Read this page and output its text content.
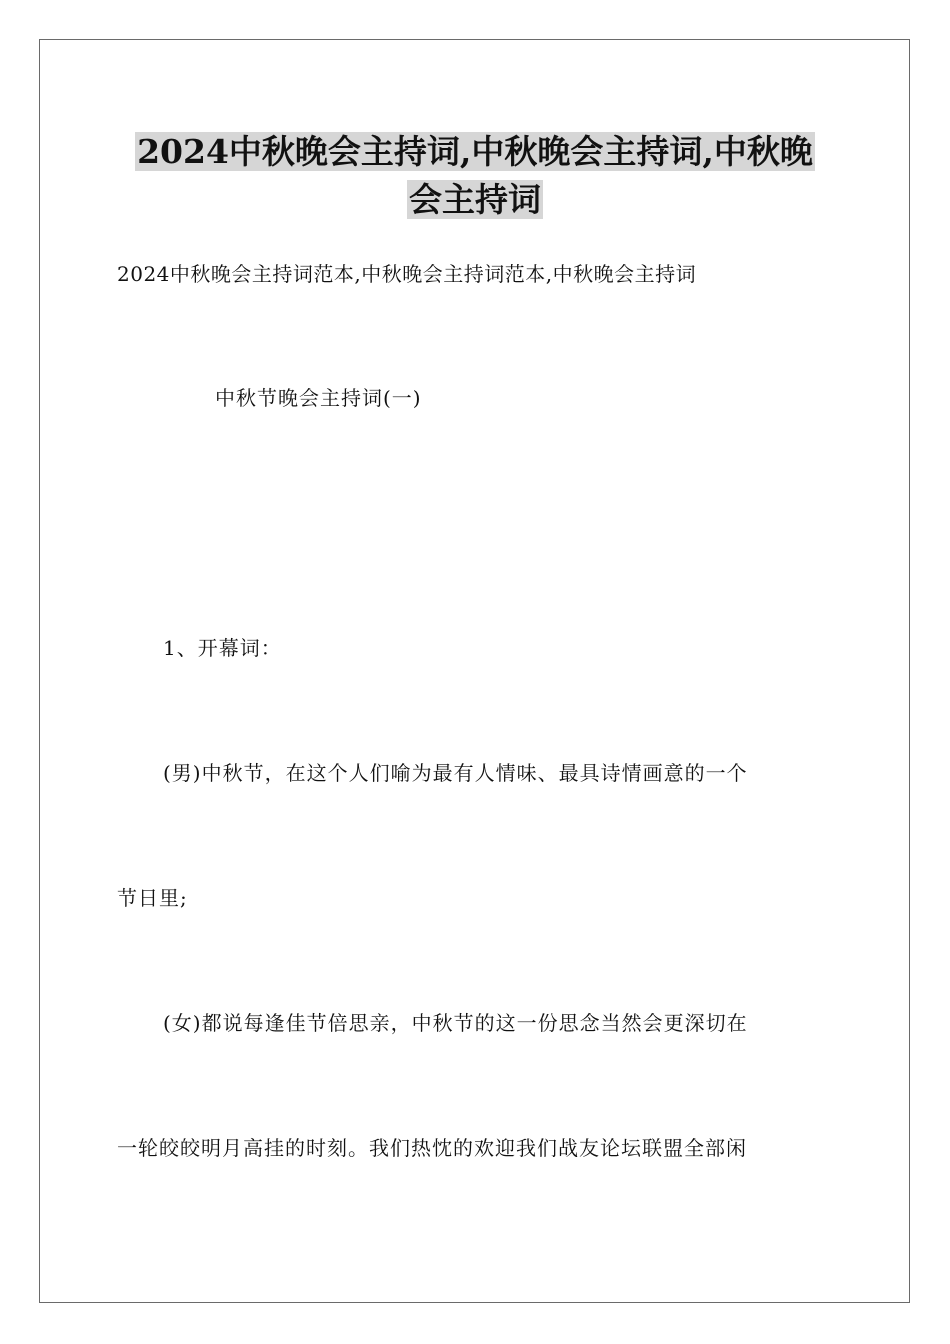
2024中秋晚会主持词,中秋晚会主持词,中秋晚
会主持词

2024中秋晚会主持词范本,中秋晚会主持词范本,中秋晚会主持词

中秋节晚会主持词(一)

1、开幕词：

(男)中秋节，在这个人们喻为最有人情味、最具诗情画意的一个

节日里;

(女)都说每逢佳节倍思亲，中秋节的这一份思念当然会更深切在

一轮皎皎明月高挂的时刻。我们热忱的欢迎我们战友论坛联盟全部闲
